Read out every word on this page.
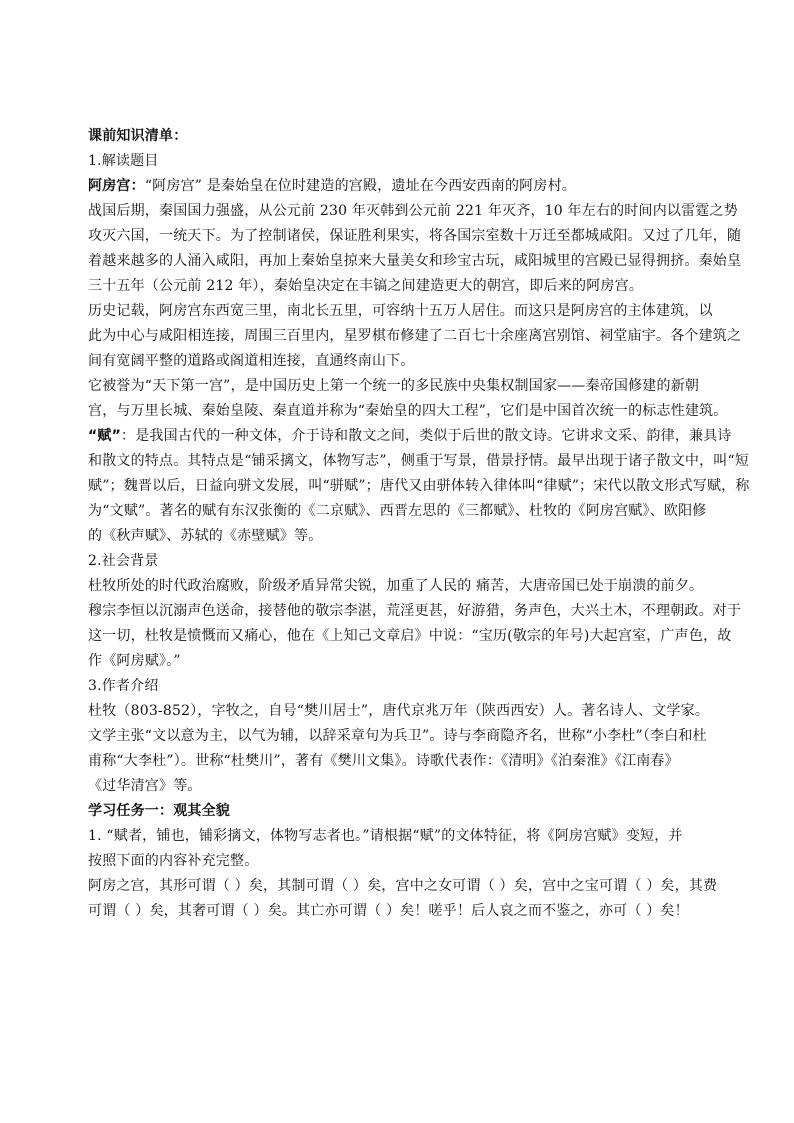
课前知识清单：
1.解读题目
阿房宫：“阿房宫” 是秦始皇在位时建造的宫殿，遗址在今西安西南的阿房村。
战国后期，秦国国力强盛，从公元前 230 年灭韩到公元前 221 年灭齐，10 年左右的时间内以雷霆之势
攻灭六国，一统天下。为了控制诸侯，保证胜利果实，将各国宗室数十万迁至都城咸阳。又过了几年，随
着越来越多的人涌入咸阳，再加上秦始皇掠来大量美女和珍宝古玩，咸阳城里的宫殿已显得拥挤。秦始皇
三十五年（公元前 212 年），秦始皇决定在丰镐之间建造更大的朝宫，即后来的阿房宫。
历史记载，阿房宫东西宽三里，南北长五里，可容纳十五万人居住。而这只是阿房宫的主体建筑，以
此为中心与咸阳相连接，周围三百里内，星罗棋布修建了二百七十余座离宫别馆、祠堂庙宇。各个建筑之
间有宽阔平整的道路或阁道相连接，直通终南山下。
它被誉为“天下第一宫”，是中国历史上第一个统一的多民族中央集权制国家——秦帝国修建的新朝
宫，与万里长城、秦始皇陵、秦直道并称为“秦始皇的四大工程”，它们是中国首次统一的标志性建筑。
“赋”：是我国古代的一种文体，介于诗和散文之间，类似于后世的散文诗。它讲求文采、韵律，兼具诗
和散文的特点。其特点是“铺采摛文，体物写志”，侧重于写景，借景抒情。最早出现于诸子散文中，叫“短
赋”；魏晋以后，日益向骈文发展，叫“骈赋”；唐代又由骈体转入律体叫“律赋”；宋代以散文形式写赋，称
为“文赋”。著名的赋有东汉张衡的《二京赋》、西晋左思的《三都赋》、杜牧的《阿房宫赋》、欧阳修
的《秋声赋》、苏轼的《赤壁赋》等。
2.社会背景
杜牧所处的时代政治腐败，阶级矛盾异常尖锐，加重了人民的 痛苦，大唐帝国已处于崩溃的前夕。
穆宗李恒以沉溺声色送命，接替他的敬宗李湛，荒淫更甚，好游猎，务声色，大兴土木，不理朝政。对于
这一切，杜牧是愤慨而又痛心，他在《上知己文章启》中说：“宝历(敬宗的年号)大起宫室，广声色，故
作《阿房赋》。”
3.作者介绍
杜牧（803-852），字牧之，自号“樊川居士”，唐代京兆万年（陕西西安）人。著名诗人、文学家。
文学主张“文以意为主，以气为辅，以辞采章句为兵卫”。诗与李商隐齐名，世称“小李杜”（李白和杜
甫称“大李杜”）。世称“杜樊川”，著有《樊川文集》。诗歌代表作：《清明》《泊秦淮》《江南春》
《过华清宫》等。
学习任务一：观其全貌
1. “赋者，铺也，铺彩摛文，体物写志者也。”请根据“赋”的文体特征，将《阿房宫赋》变短，并
按照下面的内容补充完整。
阿房之宫，其形可谓（ ）矣，其制可谓（ ）矣，宫中之女可谓（ ）矣，宫中之宝可谓（ ）矣，其费
可谓（ ）矣，其奢可谓（ ）矣。其亡亦可谓（ ）矣！嗟乎！后人哀之而不鉴之，亦可（ ）矣！
